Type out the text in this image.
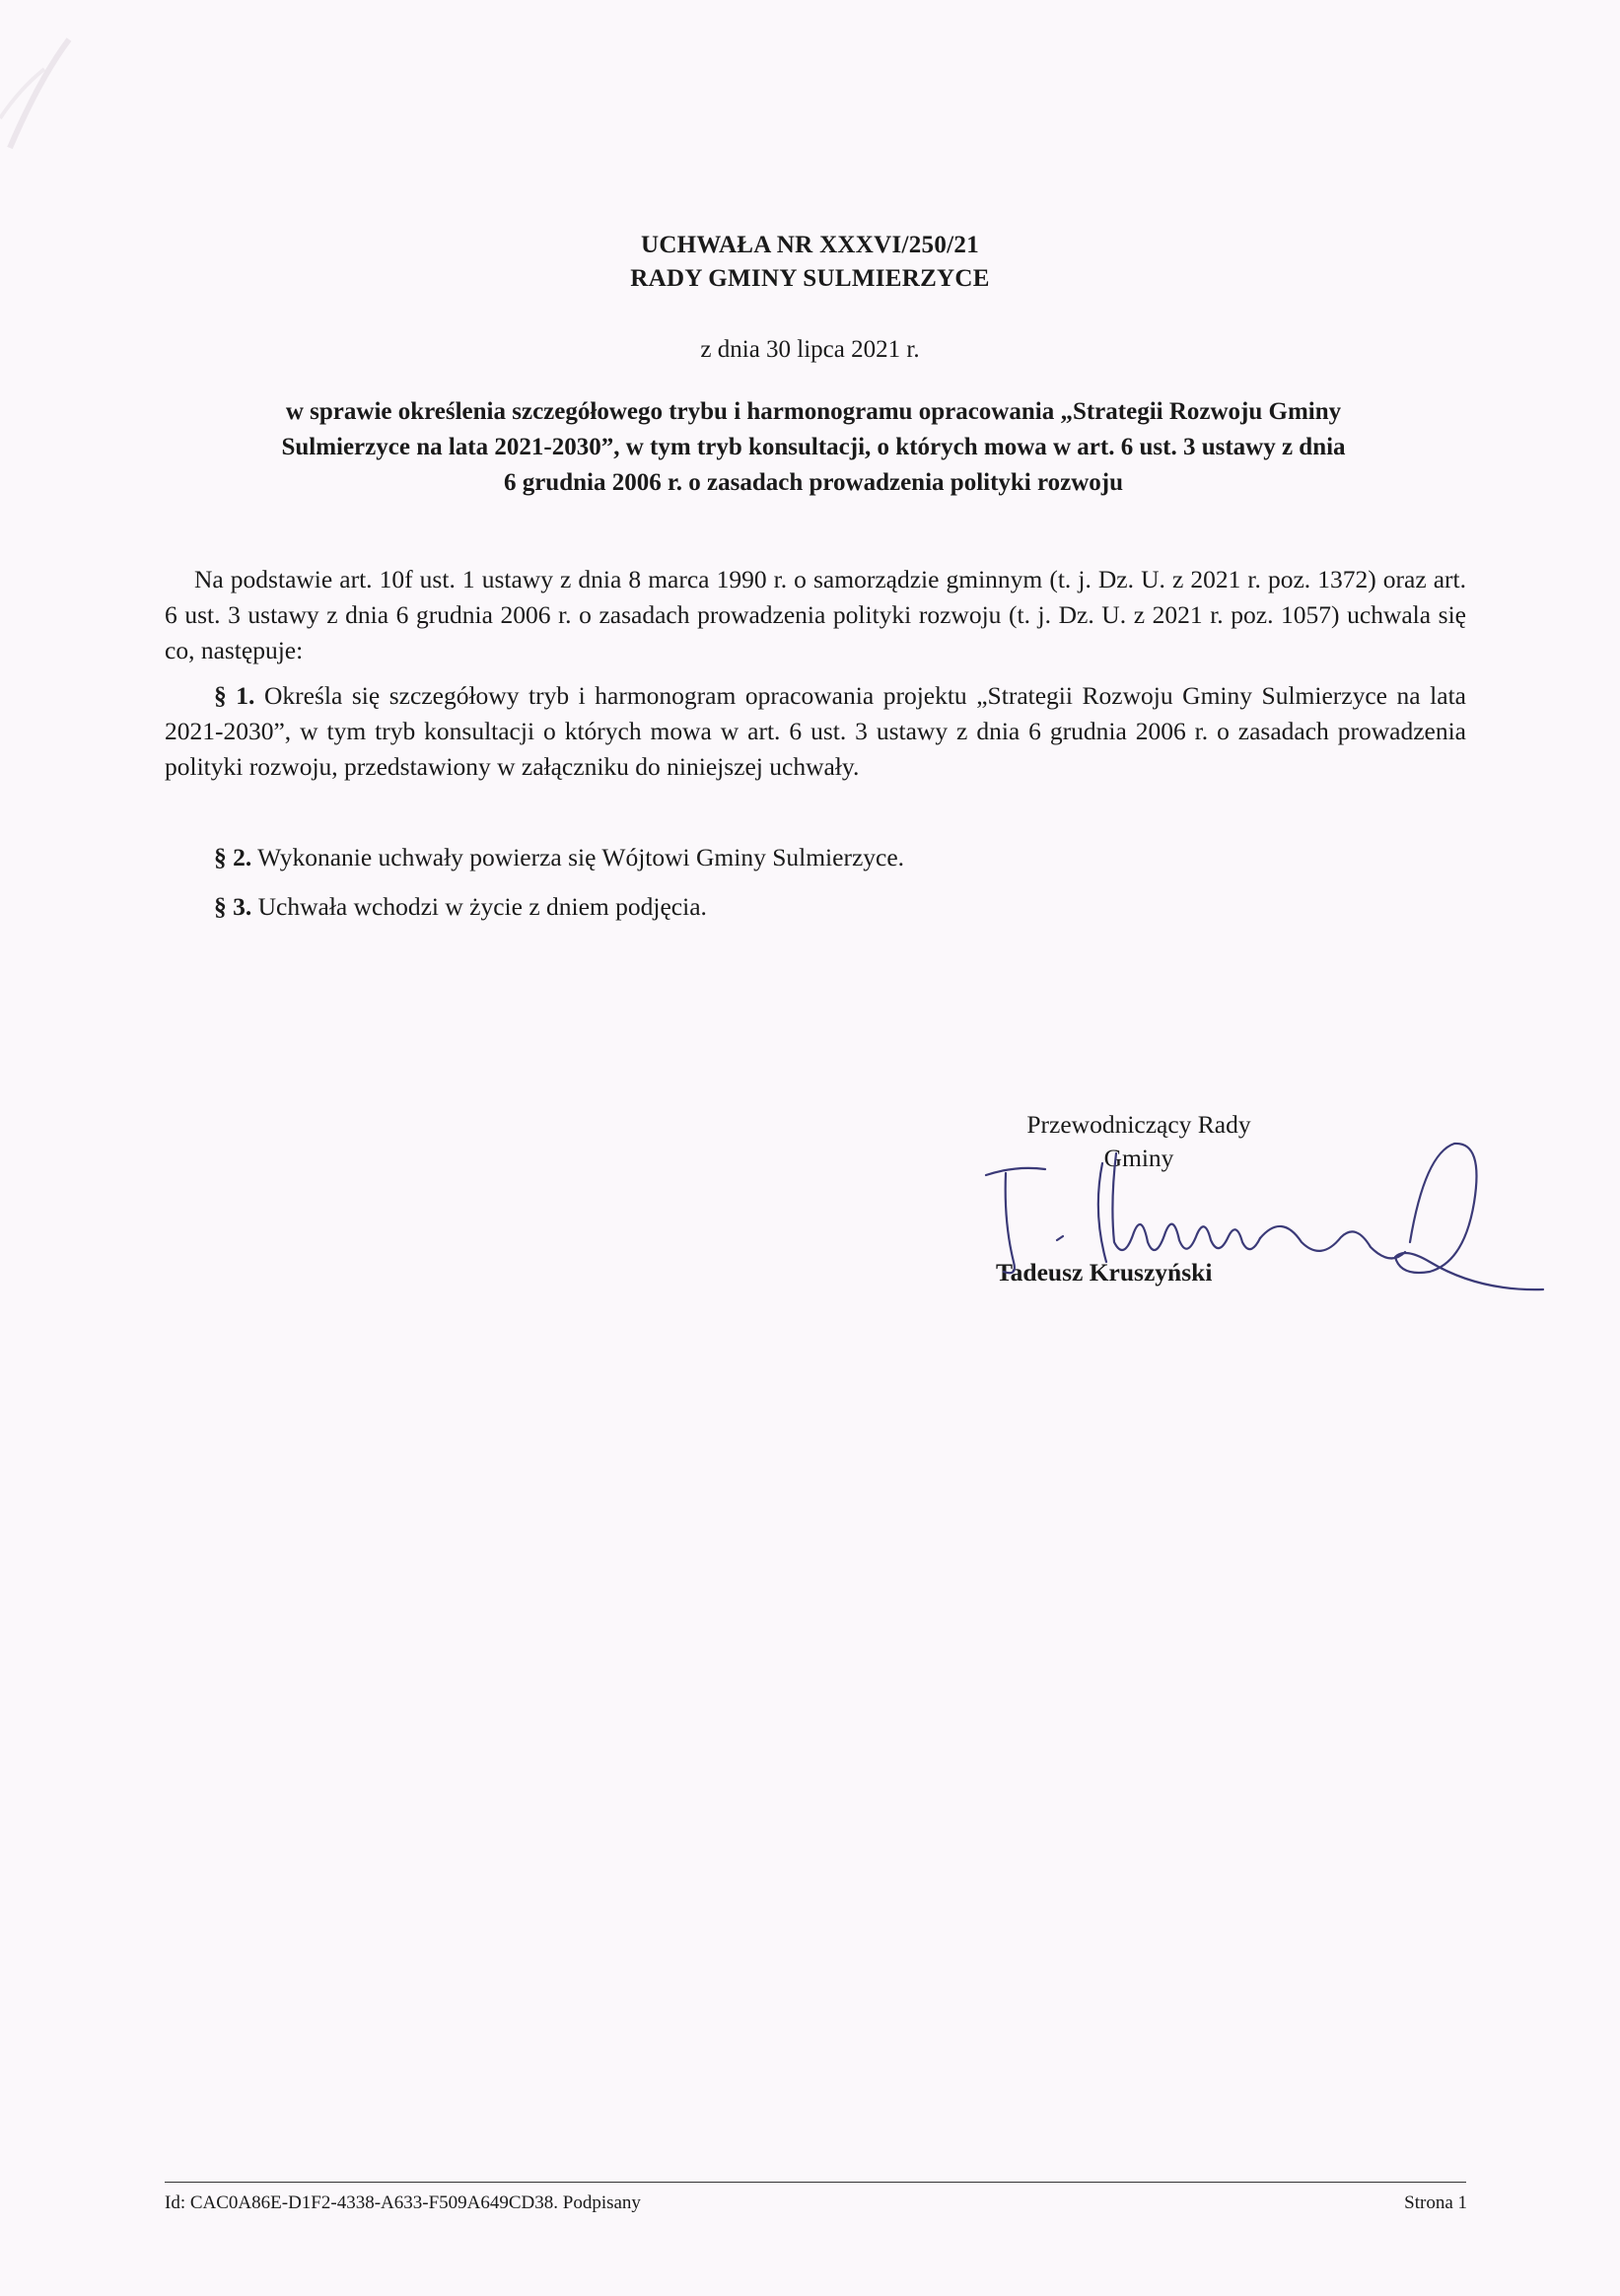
UCHWAŁA NR XXXVI/250/21
RADY GMINY SULMIERZYCE
z dnia 30 lipca 2021 r.
w sprawie określenia szczegółowego trybu i harmonogramu opracowania „Strategii Rozwoju Gminy
Sulmierzyce na lata 2021-2030”, w tym tryb konsultacji, o których mowa w art. 6 ust. 3 ustawy z dnia
6 grudnia 2006 r. o zasadach prowadzenia polityki rozwoju
Na podstawie art. 10f ust. 1 ustawy z dnia 8 marca 1990 r. o samorządzie gminnym (t. j. Dz. U. z 2021 r. poz. 1372) oraz art. 6 ust. 3 ustawy z dnia 6 grudnia 2006 r. o zasadach prowadzenia polityki rozwoju (t. j. Dz. U. z 2021 r. poz. 1057) uchwala się co, następuje:
§ 1. Określa się szczegółowy tryb i harmonogram opracowania projektu „Strategii Rozwoju Gminy Sulmierzyce na lata 2021-2030”, w tym tryb konsultacji o których mowa w art. 6 ust. 3 ustawy z dnia 6 grudnia 2006 r. o zasadach prowadzenia polityki rozwoju, przedstawiony w załączniku do niniejszej uchwały.
§ 2. Wykonanie uchwały powierza się Wójtowi Gminy Sulmierzyce.
§ 3. Uchwała wchodzi w życie z dniem podjęcia.
Przewodniczący Rady
Gminy
Tadeusz Kruszyński
Id: CAC0A86E-D1F2-4338-A633-F509A649CD38. Podpisany	Strona 1
